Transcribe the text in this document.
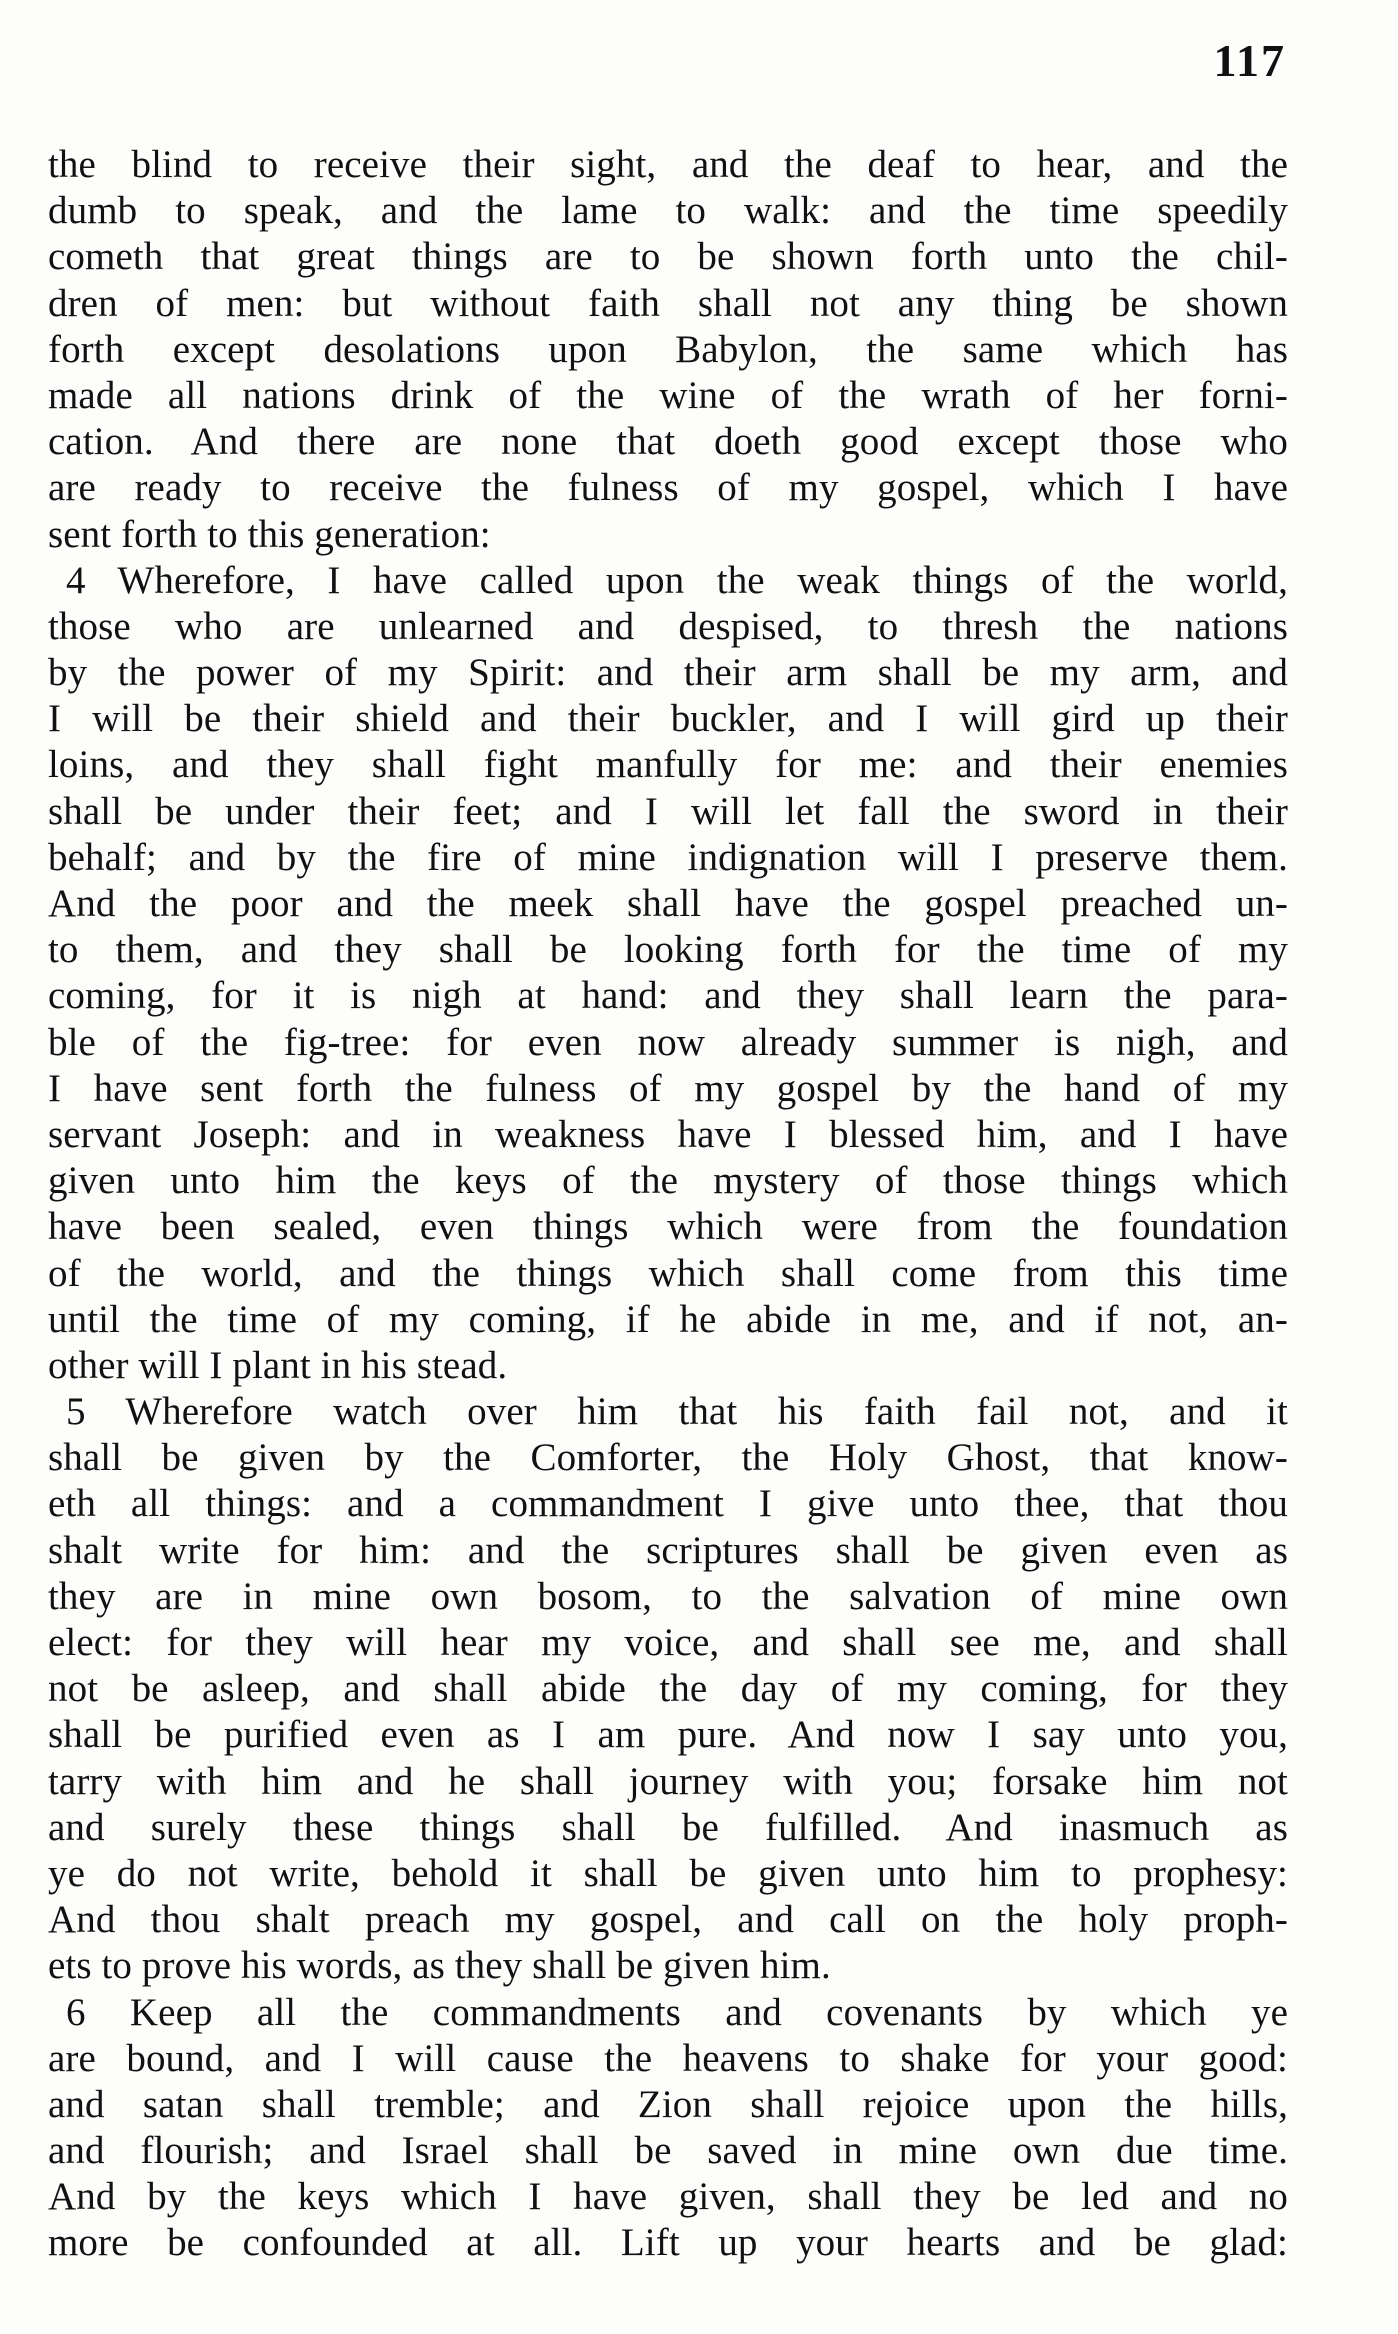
117
the blind to receive their sight, and the deaf to hear, and the
dumb to speak, and the lame to walk: and the time speedily
cometh that great things are to be shown forth unto the chil-
dren of men: but without faith shall not any thing be shown
forth except desolations upon Babylon, the same which has
made all nations drink of the wine of the wrath of her forni-
cation. And there are none that doeth good except those who
are ready to receive the fulness of my gospel, which I have
sent forth to this generation:
4 Wherefore, I have called upon the weak things of the world,
those who are unlearned and despised, to thresh the nations
by the power of my Spirit: and their arm shall be my arm, and
I will be their shield and their buckler, and I will gird up their
loins, and they shall fight manfully for me: and their enemies
shall be under their feet; and I will let fall the sword in their
behalf; and by the fire of mine indignation will I preserve them.
And the poor and the meek shall have the gospel preached un-
to them, and they shall be looking forth for the time of my
coming, for it is nigh at hand: and they shall learn the para-
ble of the fig-tree: for even now already summer is nigh, and
I have sent forth the fulness of my gospel by the hand of my
servant Joseph: and in weakness have I blessed him, and I have
given unto him the keys of the mystery of those things which
have been sealed, even things which were from the foundation
of the world, and the things which shall come from this time
until the time of my coming, if he abide in me, and if not, an-
other will I plant in his stead.
5 Wherefore watch over him that his faith fail not, and it
shall be given by the Comforter, the Holy Ghost, that know-
eth all things: and a commandment I give unto thee, that thou
shalt write for him: and the scriptures shall be given even as
they are in mine own bosom, to the salvation of mine own
elect: for they will hear my voice, and shall see me, and shall
not be asleep, and shall abide the day of my coming, for they
shall be purified even as I am pure. And now I say unto you,
tarry with him and he shall journey with you; forsake him not
and surely these things shall be fulfilled. And inasmuch as
ye do not write, behold it shall be given unto him to prophesy:
And thou shalt preach my gospel, and call on the holy proph-
ets to prove his words, as they shall be given him.
6 Keep all the commandments and covenants by which ye
are bound, and I will cause the heavens to shake for your good:
and satan shall tremble; and Zion shall rejoice upon the hills,
and flourish; and Israel shall be saved in mine own due time.
And by the keys which I have given, shall they be led and no
more be confounded at all. Lift up your hearts and be glad:
